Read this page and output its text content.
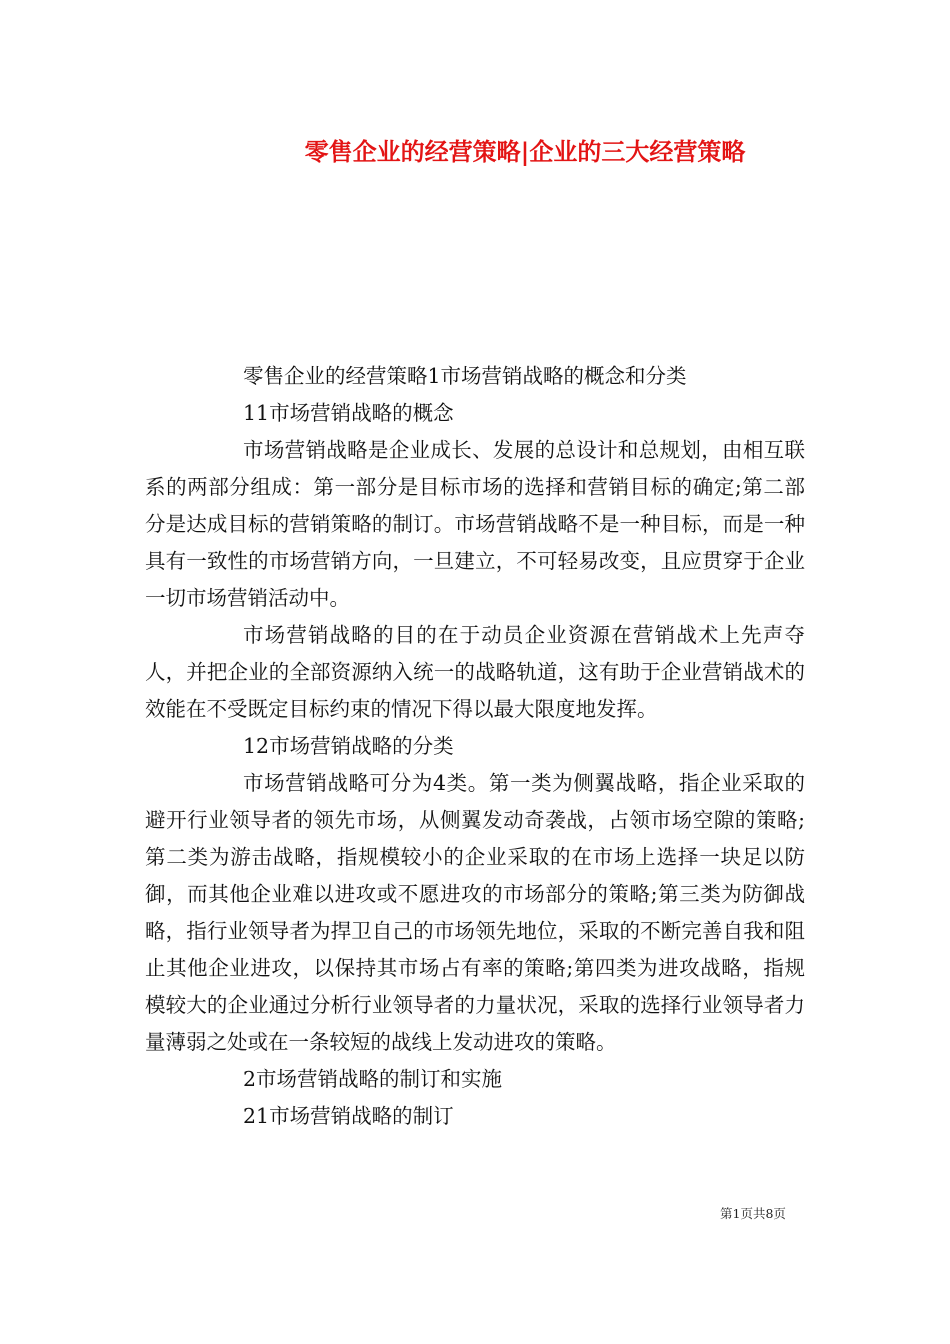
零售企业的经营策略|企业的三大经营策略

零售企业的经营策略1市场营销战略的概念和分类

11市场营销战略的概念

市场营销战略是企业成长、发展的总设计和总规划，由相互联系的两部分组成：第一部分是目标市场的选择和营销目标的确定;第二部分是达成目标的营销策略的制订。市场营销战略不是一种目标，而是一种具有一致性的市场营销方向，一旦建立，不可轻易改变，且应贯穿于企业一切市场营销活动中。

市场营销战略的目的在于动员企业资源在营销战术上先声夺人，并把企业的全部资源纳入统一的战略轨道，这有助于企业营销战术的效能在不受既定目标约束的情况下得以最大限度地发挥。

12市场营销战略的分类

市场营销战略可分为4类。第一类为侧翼战略，指企业采取的避开行业领导者的领先市场，从侧翼发动奇袭战，占领市场空隙的策略;第二类为游击战略，指规模较小的企业采取的在市场上选择一块足以防御，而其他企业难以进攻或不愿进攻的市场部分的策略;第三类为防御战略，指行业领导者为捍卫自己的市场领先地位，采取的不断完善自我和阻止其他企业进攻，以保持其市场占有率的策略;第四类为进攻战略，指规模较大的企业通过分析行业领导者的力量状况，采取的选择行业领导者力量薄弱之处或在一条较短的战线上发动进攻的策略。

2市场营销战略的制订和实施

21市场营销战略的制订

第1页共8页
